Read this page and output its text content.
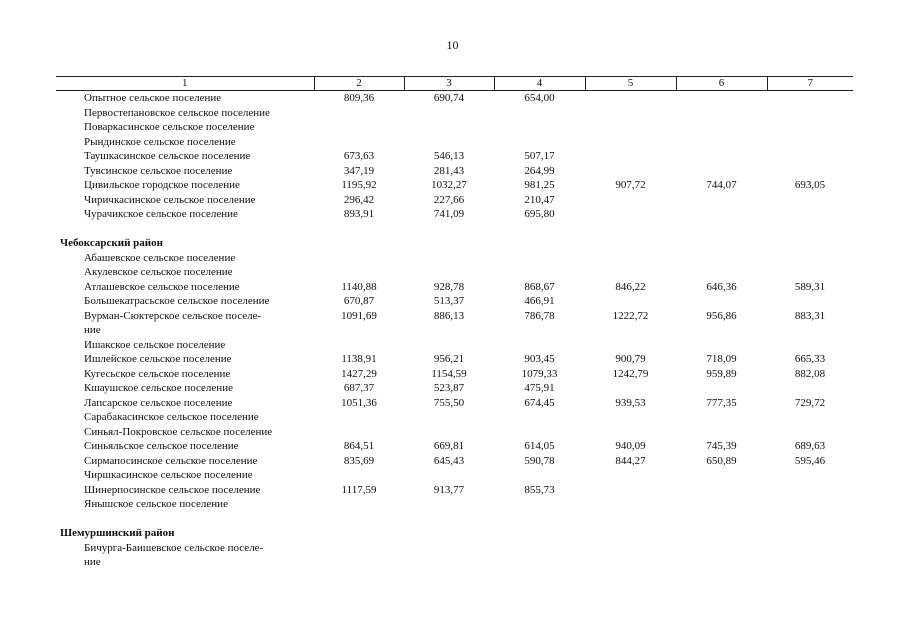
10
1	2	3	4	5	6	7
Опытное сельское поселение	809,36	690,74	654,00			
Первостепановское сельское поселение						
Поваркасинское сельское поселение						
Рындинское сельское поселение						
Таушкасинское сельское поселение	673,63	546,13	507,17			
Тувсинское сельское поселение	347,19	281,43	264,99			
Цивильское городское поселение	1195,92	1032,27	981,25	907,72	744,07	693,05
Чиричкасинское сельское поселение	296,42	227,66	210,47			
Чурачикское сельское поселение	893,91	741,09	695,80			

Чебоксарский район						
Абашевское сельское поселение						
Акулевское сельское поселение						
Атлашевское сельское поселение	1140,88	928,78	868,67	846,22	646,36	589,31
Большекатрасьское сельское поселение	670,87	513,37	466,91			
Вурман-Сюктерское сельское поселе-	1091,69	886,13	786,78	1222,72	956,86	883,31
ние						
Ишакское сельское поселение						
Ишлейское сельское поселение	1138,91	956,21	903,45	900,79	718,09	665,33
Кугесьское сельское поселение	1427,29	1154,59	1079,33	1242,79	959,89	882,08
Кшаушское сельское поселение	687,37	523,87	475,91			
Лапсарское сельское поселение	1051,36	755,50	674,45	939,53	777,35	729,72
Сарабакасинское сельское поселение						
Синьял-Покровское сельское поселение						
Синьяльское сельское поселение	864,51	669,81	614,05	940,09	745,39	689,63
Сирмапосинское сельское поселение	835,69	645,43	590,78	844,27	650,89	595,46
Чиршкасинское сельское поселение						
Шинерпосинское сельское поселение	1117,59	913,77	855,73			
Янышское сельское поселение						

Шемуршинский район						
Бичурга-Баишевское сельское поселе-						
ние						
